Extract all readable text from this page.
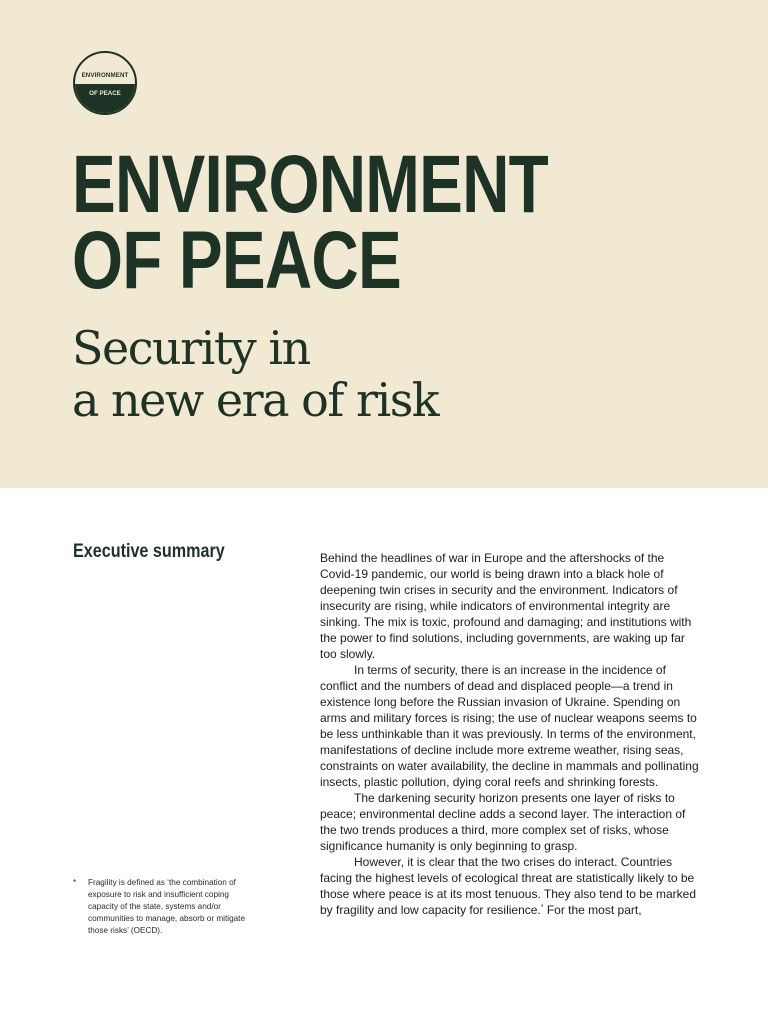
ENVIRONMENT
OF PEACE
ENVIRONMENT
OF PEACE
Security in
a new era of risk
Executive summary	Behind the headlines of war in Europe and the aftershocks of the Covid-19 pandemic, our world is being drawn into a black hole of deepening twin crises in security and the environment. Indicators of insecurity are rising, while indicators of environmental integrity are sinking. The mix is toxic, profound and damaging; and institutions with the power to find solutions, including governments, are waking up far too slowly.

In terms of security, there is an increase in the incidence of conflict and the numbers of dead and displaced people—a trend in existence long before the Russian invasion of Ukraine. Spending on arms and military forces is rising; the use of nuclear weapons seems to be less unthinkable than it was previously. In terms of the environment, manifestations of decline include more extreme weather, rising seas, constraints on water availability, the decline in mammals and pollinating insects, plastic pollution, dying coral reefs and shrinking forests.

The darkening security horizon presents one layer of risks to peace; environmental decline adds a second layer. The interaction of the two trends produces a third, more complex set of risks, whose significance humanity is only beginning to grasp.

However, it is clear that the two crises do interact. Countries facing the highest levels of ecological threat are statistically likely to be those where peace is at its most tenuous. They also tend to be marked by fragility and low capacity for resilience.* For the most part,

* Fragility is defined as ‘the combination of exposure to risk and insufficient coping capacity of the state, systems and/or communities to manage, absorb or mitigate those risks’ (OECD).
